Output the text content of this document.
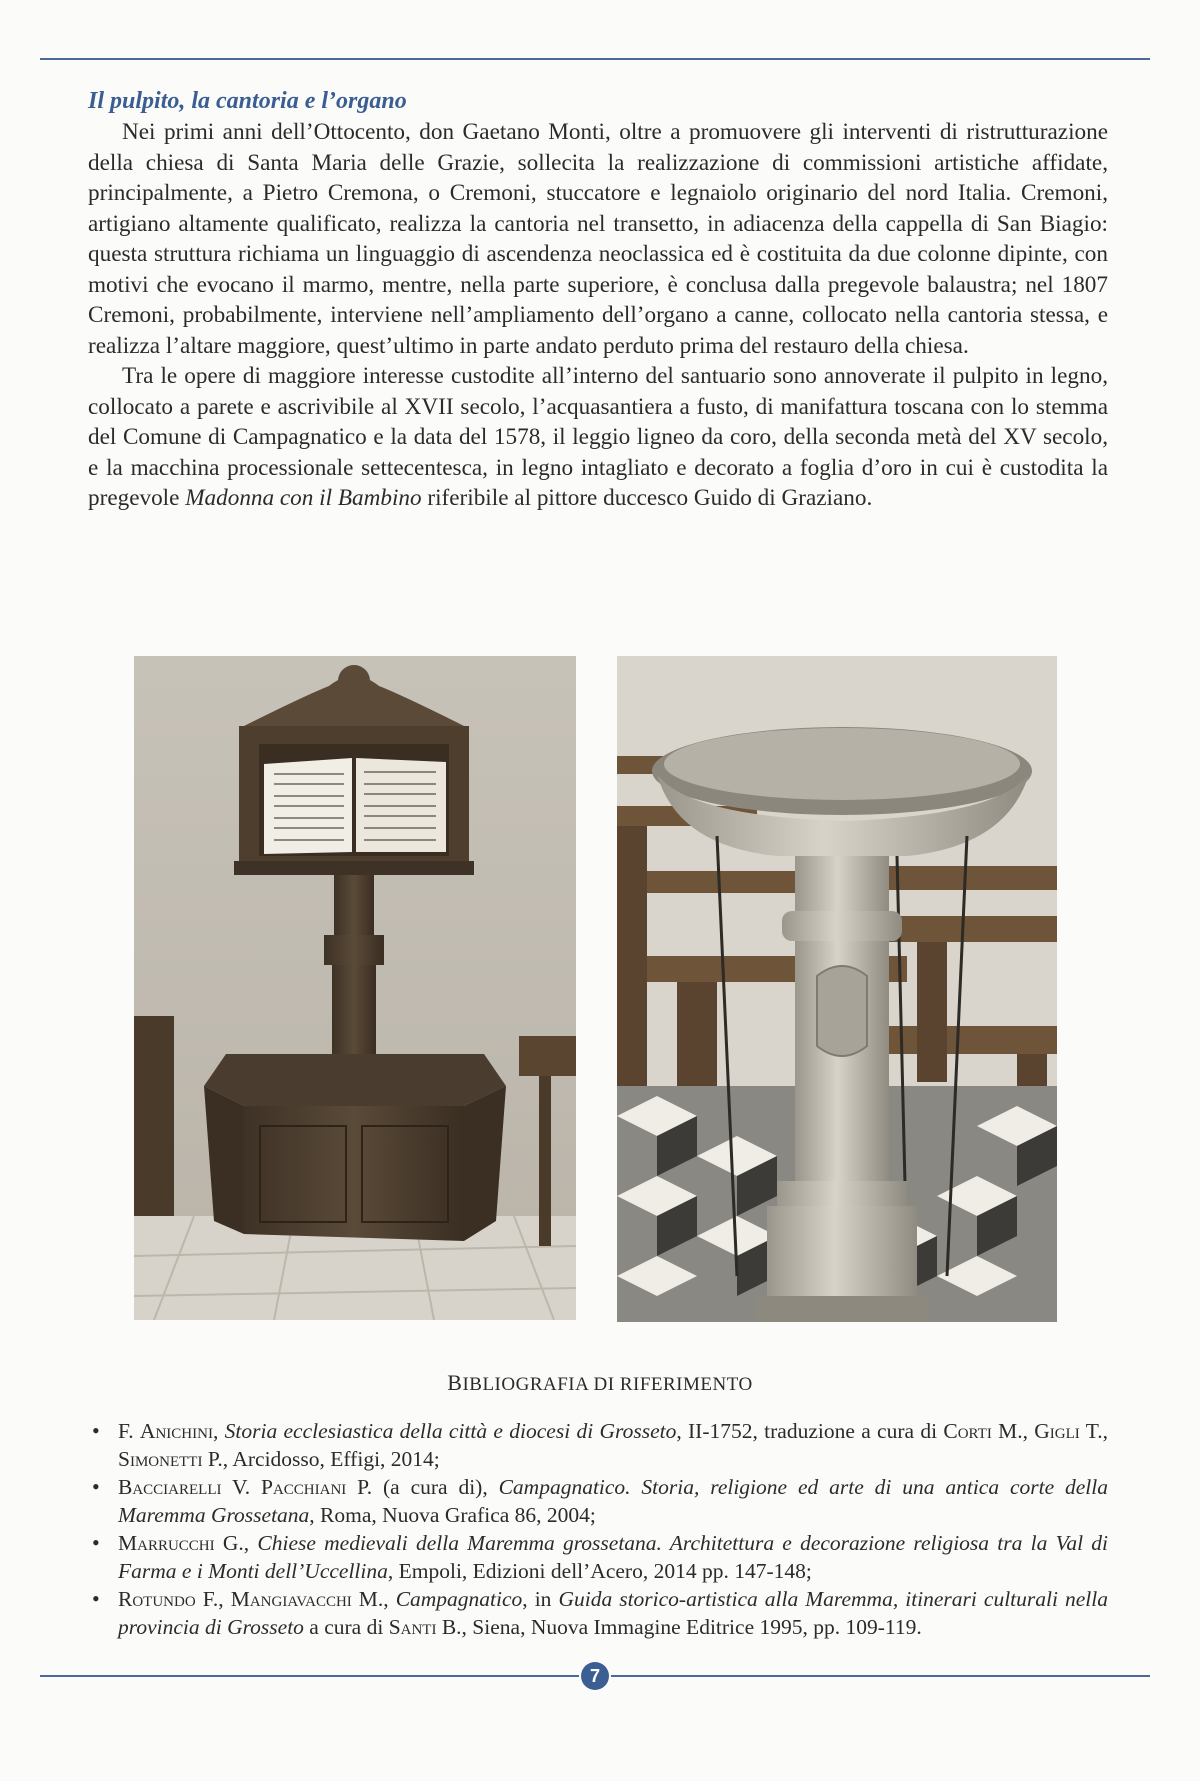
Il pulpito, la cantoria e l’organo

Nei primi anni dell’Ottocento, don Gaetano Monti, oltre a promuovere gli interventi di ristrutturazione della chiesa di Santa Maria delle Grazie, sollecita la realizzazione di commissioni artistiche affidate, principalmente, a Pietro Cremona, o Cremoni, stuccatore e legnaiolo originario del nord Italia. Cremoni, artigiano altamente qualificato, realizza la cantoria nel transetto, in adiacenza della cappella di San Biagio: questa struttura richiama un linguaggio di ascendenza neoclassica ed è costituita da due colonne dipinte, con motivi che evocano il marmo, mentre, nella parte superiore, è conclusa dalla pregevole balaustra; nel 1807 Cremoni, probabilmente, interviene nell’ampliamento dell’organo a canne, collocato nella cantoria stessa, e realizza l’altare maggiore, quest’ultimo in parte andato perduto prima del restauro della chiesa.

Tra le opere di maggiore interesse custodite all’interno del santuario sono annoverate il pulpito in legno, collocato a parete e ascrivibile al XVII secolo, l’acquasantiera a fusto, di manifattura toscana con lo stemma del Comune di Campagnatico e la data del 1578, il leggio ligneo da coro, della seconda metà del XV secolo, e la macchina processionale settecentesca, in legno intagliato e decorato a foglia d’oro in cui è custodita la pregevole Madonna con il Bambino riferibile al pittore duccesco Guido di Graziano.

BIBLIOGRAFIA DI RIFERIMENTO
• F. Anichini, Storia ecclesiastica della città e diocesi di Grosseto, II-1752, traduzione a cura di Corti M., Gigli T., Simonetti P., Arcidosso, Effigi, 2014;
• Bacciarelli V. Pacchiani P. (a cura di), Campagnatico. Storia, religione ed arte di una antica corte della Maremma Grossetana, Roma, Nuova Grafica 86, 2004;
• Marrucchi G., Chiese medievali della Maremma grossetana. Architettura e decorazione religiosa tra la Val di Farma e i Monti dell’Uccellina, Empoli, Edizioni dell’Acero, 2014 pp. 147-148;
• Rotundo F., Mangiavacchi M., Campagnatico, in Guida storico-artistica alla Maremma, itinerari culturali nella provincia di Grosseto a cura di Santi B., Siena, Nuova Immagine Editrice 1995, pp. 109-119.
7
